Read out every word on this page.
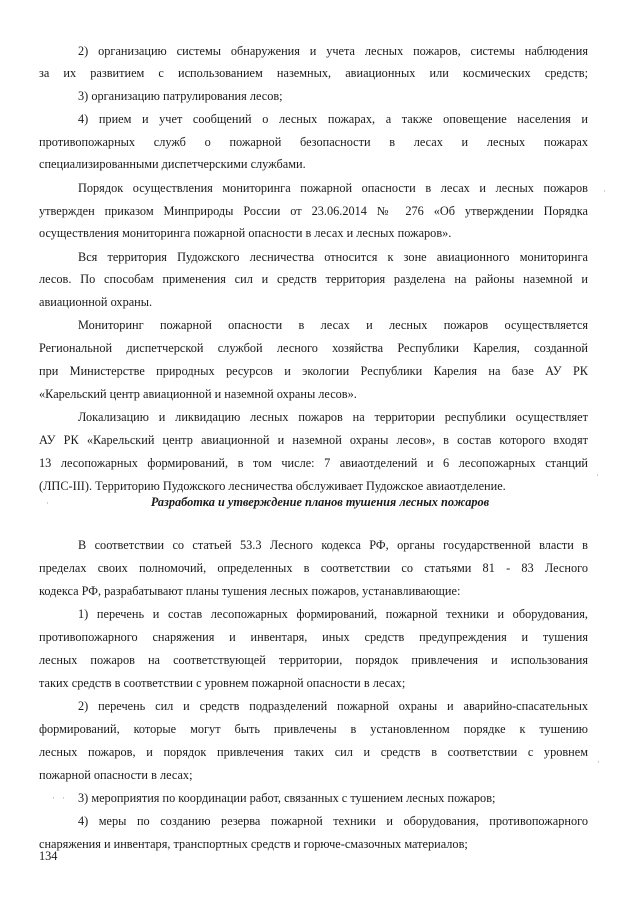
2) организацию системы обнаружения и учета лесных пожаров, системы наблюдения
за их развитием с использованием наземных, авиационных или космических средств;
3) организацию патрулирования лесов;
4) прием и учет сообщений о лесных пожарах, а также оповещение населения и
противопожарных служб о пожарной безопасности в лесах и лесных пожарах
специализированными диспетчерскими службами.
Порядок осуществления мониторинга пожарной опасности в лесах и лесных пожаров
утвержден приказом Минприроды России от 23.06.2014 № 276 «Об утверждении Порядка
осуществления мониторинга пожарной опасности в лесах и лесных пожаров».
Вся территория Пудожского лесничества относится к зоне авиационного мониторинга
лесов. По способам применения сил и средств территория разделена на районы наземной и
авиационной охраны.
Мониторинг пожарной опасности в лесах и лесных пожаров осуществляется
Региональной диспетчерской службой лесного хозяйства Республики Карелия, созданной
при Министерстве природных ресурсов и экологии Республики Карелия на базе АУ РК
«Карельский центр авиационной и наземной охраны лесов».
Локализацию и ликвидацию лесных пожаров на территории республики осуществляет
АУ РК «Карельский центр авиационной и наземной охраны лесов», в состав которого входят
13 лесопожарных формирований, в том числе: 7 авиаотделений и 6 лесопожарных станций
(ЛПС-III). Территорию Пудожского лесничества обслуживает Пудожское авиаотделение.
Разработка и утверждение планов тушения лесных пожаров
В соответствии со статьей 53.3 Лесного кодекса РФ, органы государственной власти в
пределах своих полномочий, определенных в соответствии со статьями 81 - 83 Лесного
кодекса РФ, разрабатывают планы тушения лесных пожаров, устанавливающие:
1) перечень и состав лесопожарных формирований, пожарной техники и оборудования,
противопожарного снаряжения и инвентаря, иных средств предупреждения и тушения
лесных пожаров на соответствующей территории, порядок привлечения и использования
таких средств в соответствии с уровнем пожарной опасности в лесах;
2) перечень сил и средств подразделений пожарной охраны и аварийно-спасательных
формирований, которые могут быть привлечены в установленном порядке к тушению
лесных пожаров, и порядок привлечения таких сил и средств в соответствии с уровнем
пожарной опасности в лесах;
3) мероприятия по координации работ, связанных с тушением лесных пожаров;
4) меры по созданию резерва пожарной техники и оборудования, противопожарного
снаряжения и инвентаря, транспортных средств и горюче-смазочных материалов;
134
·
·
·
· ·
·
